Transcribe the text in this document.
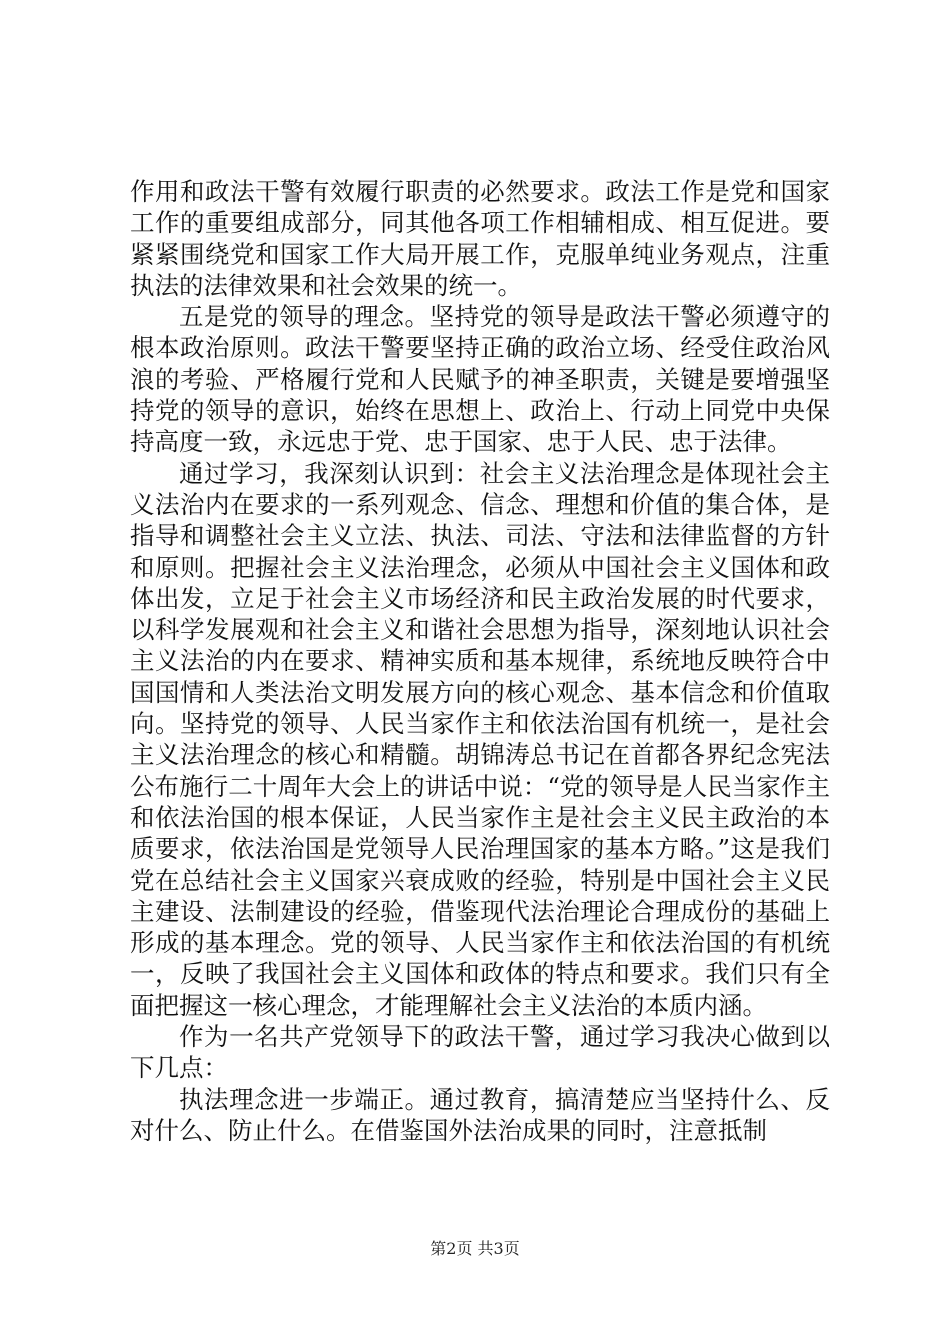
作用和政法干警有效履行职责的必然要求。政法工作是党和国家工作的重要组成部分，同其他各项工作相辅相成、相互促进。要紧紧围绕党和国家工作大局开展工作，克服单纯业务观点，注重执法的法律效果和社会效果的统一。

五是党的领导的理念。坚持党的领导是政法干警必须遵守的根本政治原则。政法干警要坚持正确的政治立场、经受住政治风浪的考验、严格履行党和人民赋予的神圣职责，关键是要增强坚持党的领导的意识，始终在思想上、政治上、行动上同党中央保持高度一致，永远忠于党、忠于国家、忠于人民、忠于法律。

通过学习，我深刻认识到：社会主义法治理念是体现社会主义法治内在要求的一系列观念、信念、理想和价值的集合体，是指导和调整社会主义立法、执法、司法、守法和法律监督的方针和原则。把握社会主义法治理念，必须从中国社会主义国体和政体出发，立足于社会主义市场经济和民主政治发展的时代要求，以科学发展观和社会主义和谐社会思想为指导，深刻地认识社会主义法治的内在要求、精神实质和基本规律，系统地反映符合中国国情和人类法治文明发展方向的核心观念、基本信念和价值取向。坚持党的领导、人民当家作主和依法治国有机统一，是社会主义法治理念的核心和精髓。胡锦涛总书记在首都各界纪念宪法公布施行二十周年大会上的讲话中说：“党的领导是人民当家作主和依法治国的根本保证，人民当家作主是社会主义民主政治的本质要求，依法治国是党领导人民治理国家的基本方略。”这是我们党在总结社会主义国家兴衰成败的经验，特别是中国社会主义民主建设、法制建设的经验，借鉴现代法治理论合理成份的基础上形成的基本理念。党的领导、人民当家作主和依法治国的有机统一，反映了我国社会主义国体和政体的特点和要求。我们只有全面把握这一核心理念，才能理解社会主义法治的本质内涵。

作为一名共产党领导下的政法干警，通过学习我决心做到以下几点：

执法理念进一步端正。通过教育，搞清楚应当坚持什么、反对什么、防止什么。在借鉴国外法治成果的同时，注意抵制

第2页 共3页
